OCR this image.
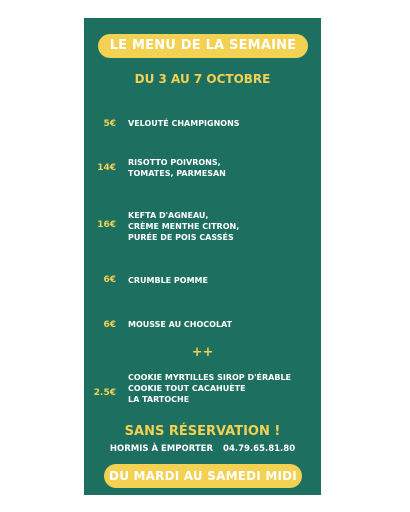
LE MENU DE LA SEMAINE
DU 3 AU 7 OCTOBRE
5€ VELOUTÉ CHAMPIGNONS
14€
RISOTTO POIVRONS,
TOMATES, PARMESAN
16€
KEFTA D'AGNEAU,
CRÈME MENTHE CITRON,
PURÉE DE POIS CASSÉS
6€ CRUMBLE POMME
6€ MOUSSE AU CHOCOLAT
++
2.5€
COOKIE MYRTILLES SIROP D'ÉRABLE
COOKIE TOUT CACAHUÈTE
LA TARTOCHE
SANS RÉSERVATION !
HORMIS À EMPORTER 04.79.65.81.80
DU MARDI AU SAMEDI MIDI
